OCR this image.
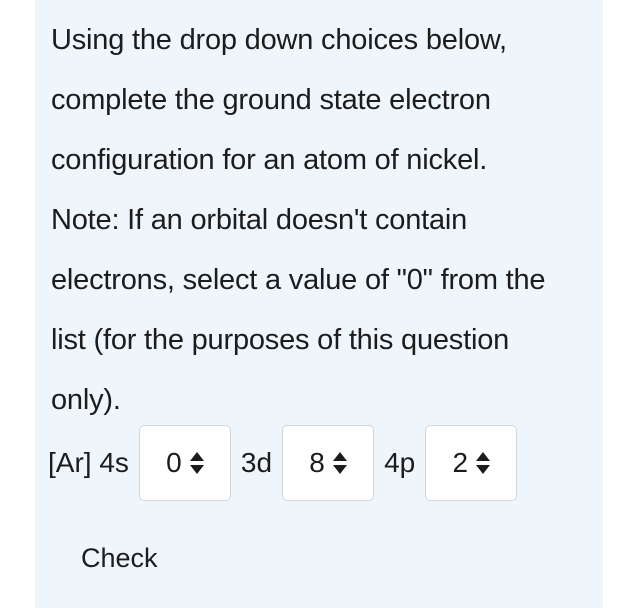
Using the drop down choices below,

complete the ground state electron

configuration for an atom of nickel.

Note: If an orbital doesn't contain

electrons, select a value of "0" from the

list (for the purposes of this question

only).

[Ar] 4s 0 3d 8 4p 2
Check
